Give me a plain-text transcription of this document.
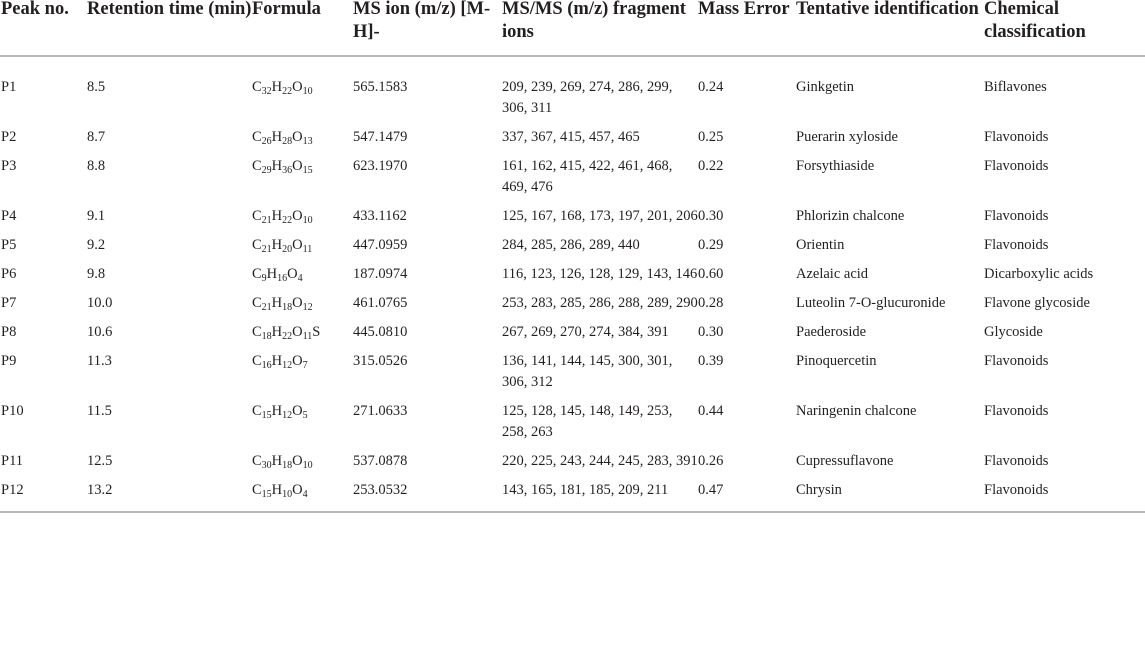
Peak no.	Retention time (min)	Formula	MS ion (m/z) [M-H]-	MS/MS (m/z) fragment ions	Mass Error	Tentative identification	Chemical classification

P1	8.5	$C_{32}H_{22}O_{10}$	565.1583	209, 239, 269, 274, 286, 299, 306, 311	0.24	Ginkgetin	Biflavones
P2	8.7	$C_{26}H_{28}O_{13}$	547.1479	337, 367, 415, 457, 465	0.25	Puerarin xyloside	Flavonoids
P3	8.8	$C_{29}H_{36}O_{15}$	623.1970	161, 162, 415, 422, 461, 468, 469, 476	0.22	Forsythiaside	Flavonoids
P4	9.1	$C_{21}H_{22}O_{10}$	433.1162	125, 167, 168, 173, 197, 201, 206	0.30	Phlorizin chalcone	Flavonoids
P5	9.2	$C_{21}H_{20}O_{11}$	447.0959	284, 285, 286, 289, 440	0.29	Orientin	Flavonoids
P6	9.8	$C_9H_{16}O_4$	187.0974	116, 123, 126, 128, 129, 143, 146	0.60	Azelaic acid	Dicarboxylic acids
P7	10.0	$C_{21}H_{18}O_{12}$	461.0765	253, 283, 285, 286, 288, 289, 290	0.28	Luteolin 7-O-glucuronide	Flavone glycoside
P8	10.6	$C_{18}H_{22}O_{11}S$	445.0810	267, 269, 270, 274, 384, 391	0.30	Paederoside	Glycoside
P9	11.3	$C_{16}H_{12}O_7$	315.0526	136, 141, 144, 145, 300, 301, 306, 312	0.39	Pinoquercetin	Flavonoids
P10	11.5	$C_{15}H_{12}O_5$	271.0633	125, 128, 145, 148, 149, 253, 258, 263	0.44	Naringenin chalcone	Flavonoids
P11	12.5	$C_{30}H_{18}O_{10}$	537.0878	220, 225, 243, 244, 245, 283, 391	0.26	Cupressuflavone	Flavonoids
P12	13.2	$C_{15}H_{10}O_4$	253.0532	143, 165, 181, 185, 209, 211	0.47	Chrysin	Flavonoids
